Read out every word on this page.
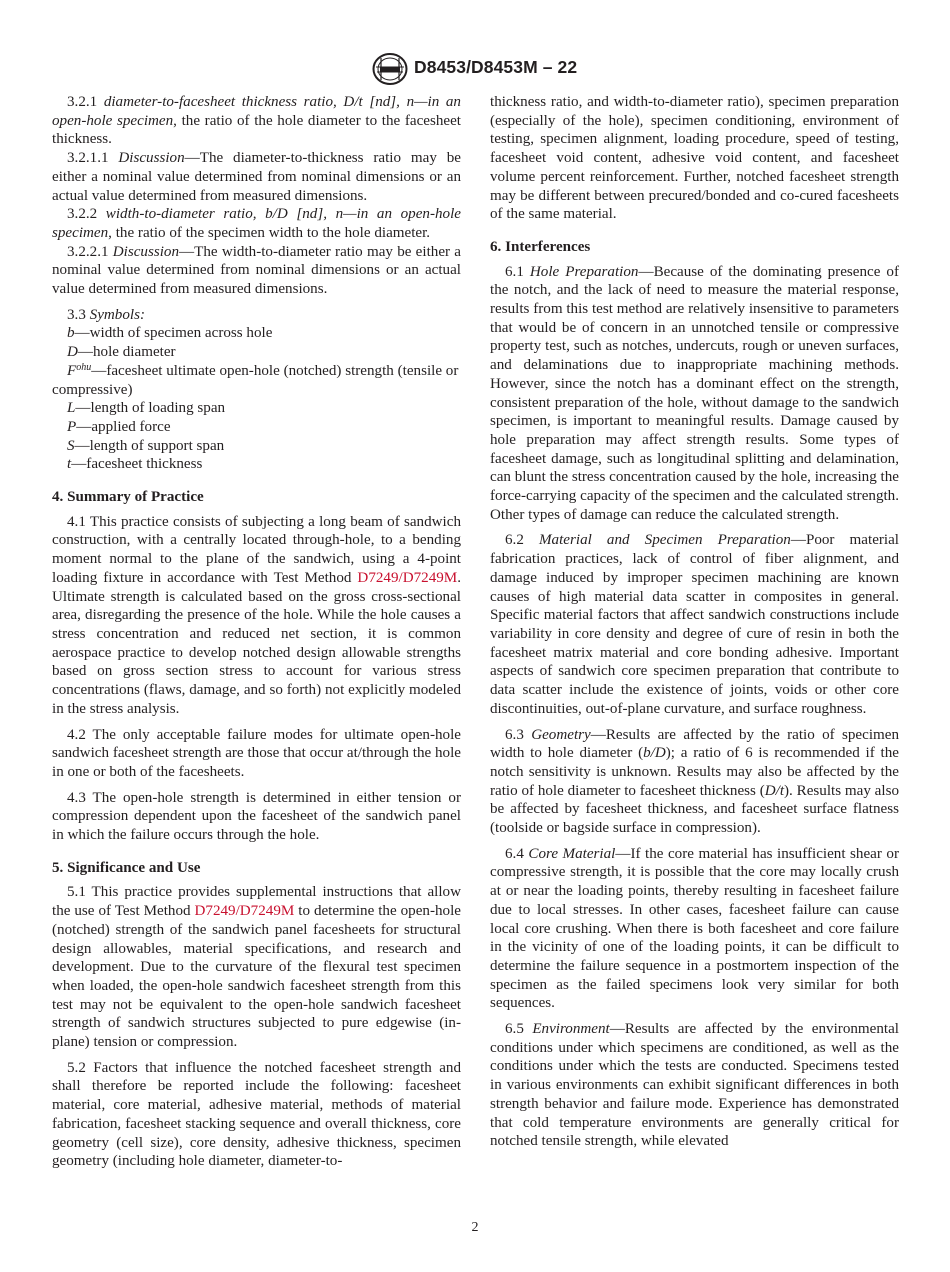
D8453/D8453M – 22

3.2.1 diameter-to-facesheet thickness ratio, D/t [nd], n—in an open-hole specimen, the ratio of the hole diameter to the facesheet thickness.

3.2.1.1 Discussion—The diameter-to-thickness ratio may be either a nominal value determined from nominal dimensions or an actual value determined from measured dimensions.

3.2.2 width-to-diameter ratio, b/D [nd], n—in an open-hole specimen, the ratio of the specimen width to the hole diameter.

3.2.2.1 Discussion—The width-to-diameter ratio may be either a nominal value determined from nominal dimensions or an actual value determined from measured dimensions.

3.3 Symbols:

b—width of specimen across hole

D—hole diameter

$F^{ohu}—facesheet$ ultimate open-hole (notched) strength (tensile or compressive)

L—length of loading span

P—applied force

S—length of support span

t—facesheet thickness

4. Summary of Practice

4.1 This practice consists of subjecting a long beam of sandwich construction, with a centrally located through-hole, to a bending moment normal to the plane of the sandwich, using a 4-point loading fixture in accordance with Test Method D7249/D7249M. Ultimate strength is calculated based on the gross cross-sectional area, disregarding the presence of the hole. While the hole causes a stress concentration and reduced net section, it is common aerospace practice to develop notched design allowable strengths based on gross section stress to account for various stress concentrations (flaws, damage, and so forth) not explicitly modeled in the stress analysis.

4.2 The only acceptable failure modes for ultimate open-hole sandwich facesheet strength are those that occur at/through the hole in one or both of the facesheets.

4.3 The open-hole strength is determined in either tension or compression dependent upon the facesheet of the sandwich panel in which the failure occurs through the hole.

5. Significance and Use

5.1 This practice provides supplemental instructions that allow the use of Test Method D7249/D7249M to determine the open-hole (notched) strength of the sandwich panel facesheets for structural design allowables, material specifications, and research and development. Due to the curvature of the flexural test specimen when loaded, the open-hole sandwich facesheet strength from this test may not be equivalent to the open-hole sandwich facesheet strength of sandwich structures subjected to pure edgewise (in-plane) tension or compression.

5.2 Factors that influence the notched facesheet strength and shall therefore be reported include the following: facesheet material, core material, adhesive material, methods of material fabrication, facesheet stacking sequence and overall thickness, core geometry (cell size), core density, adhesive thickness, specimen geometry (including hole diameter, diameter-to-

thickness ratio, and width-to-diameter ratio), specimen preparation (especially of the hole), specimen conditioning, environment of testing, specimen alignment, loading procedure, speed of testing, facesheet void content, adhesive void content, and facesheet volume percent reinforcement. Further, notched facesheet strength may be different between precured/bonded and co-cured facesheets of the same material.

6. Interferences

6.1 Hole Preparation—Because of the dominating presence of the notch, and the lack of need to measure the material response, results from this test method are relatively insensitive to parameters that would be of concern in an unnotched tensile or compressive property test, such as notches, undercuts, rough or uneven surfaces, and delaminations due to inappropriate machining methods. However, since the notch has a dominant effect on the strength, consistent preparation of the hole, without damage to the sandwich specimen, is important to meaningful results. Damage caused by hole preparation may affect strength results. Some types of facesheet damage, such as longitudinal splitting and delamination, can blunt the stress concentration caused by the hole, increasing the force-carrying capacity of the specimen and the calculated strength. Other types of damage can reduce the calculated strength.

6.2 Material and Specimen Preparation—Poor material fabrication practices, lack of control of fiber alignment, and damage induced by improper specimen machining are known causes of high material data scatter in composites in general. Specific material factors that affect sandwich constructions include variability in core density and degree of cure of resin in both the facesheet matrix material and core bonding adhesive. Important aspects of sandwich core specimen preparation that contribute to data scatter include the existence of joints, voids or other core discontinuities, out-of-plane curvature, and surface roughness.

6.3 Geometry—Results are affected by the ratio of specimen width to hole diameter (b/D); a ratio of 6 is recommended if the notch sensitivity is unknown. Results may also be affected by the ratio of hole diameter to facesheet thickness (D/t). Results may also be affected by facesheet thickness, and facesheet surface flatness (toolside or bagside surface in compression).

6.4 Core Material—If the core material has insufficient shear or compressive strength, it is possible that the core may locally crush at or near the loading points, thereby resulting in facesheet failure due to local stresses. In other cases, facesheet failure can cause local core crushing. When there is both facesheet and core failure in the vicinity of one of the loading points, it can be difficult to determine the failure sequence in a postmortem inspection of the specimen as the failed specimens look very similar for both sequences.

6.5 Environment—Results are affected by the environmental conditions under which specimens are conditioned, as well as the conditions under which the tests are conducted. Specimens tested in various environments can exhibit significant differences in both strength behavior and failure mode. Experience has demonstrated that cold temperature environments are generally critical for notched tensile strength, while elevated

2
